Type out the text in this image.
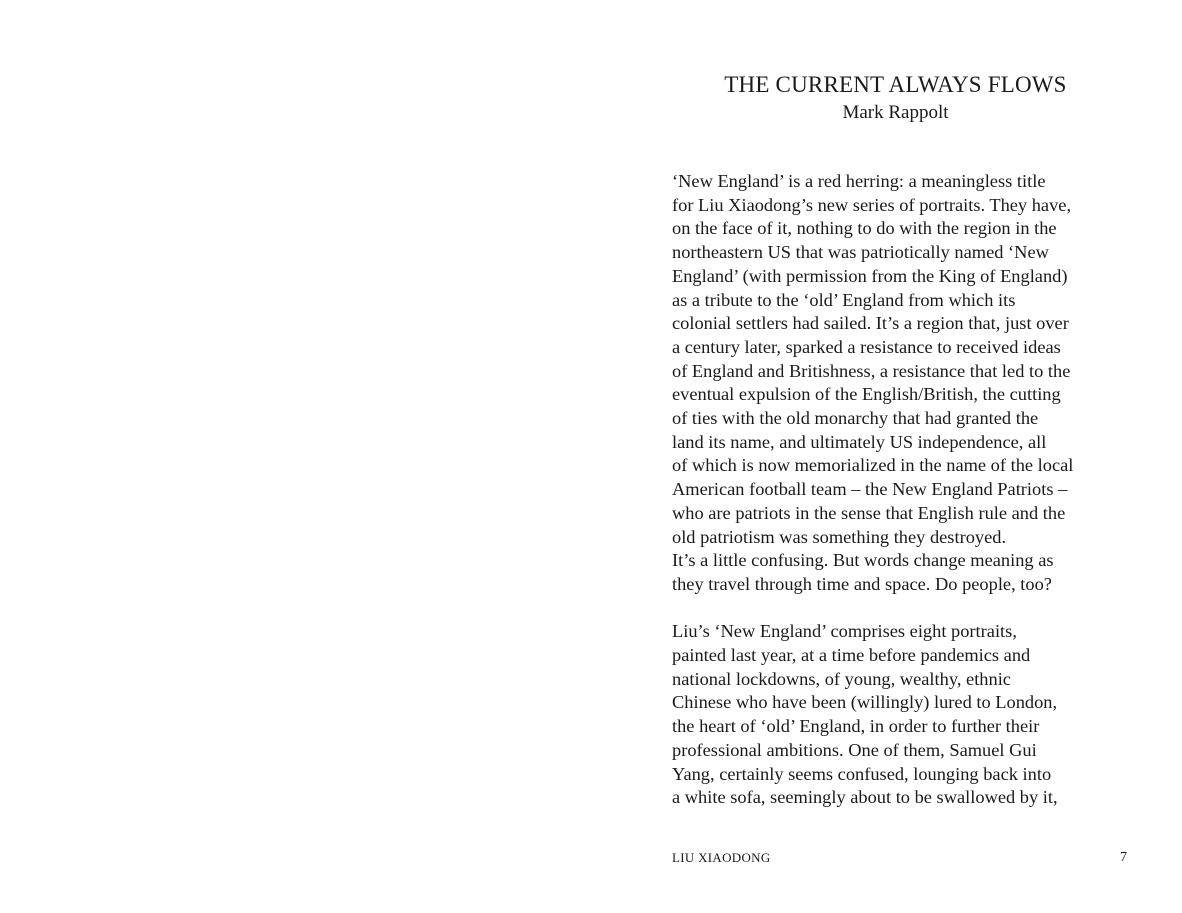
THE CURRENT ALWAYS FLOWS
Mark Rappolt
‘New England’ is a red herring: a meaningless title
for Liu Xiaodong’s new series of portraits. They have,
on the face of it, nothing to do with the region in the
northeastern US that was patriotically named ‘New
England’ (with permission from the King of England)
as a tribute to the ‘old’ England from which its
colonial settlers had sailed. It’s a region that, just over
a century later, sparked a resistance to received ideas
of England and Britishness, a resistance that led to the
eventual expulsion of the English/British, the cutting
of ties with the old monarchy that had granted the
land its name, and ultimately US independence, all
of which is now memorialized in the name of the local
American football team – the New England Patriots –
who are patriots in the sense that English rule and the
old patriotism was something they destroyed.
It’s a little confusing. But words change meaning as
they travel through time and space. Do people, too?
Liu’s ‘New England’ comprises eight portraits,
painted last year, at a time before pandemics and
national lockdowns, of young, wealthy, ethnic
Chinese who have been (willingly) lured to London,
the heart of ‘old’ England, in order to further their
professional ambitions. One of them, Samuel Gui
Yang, certainly seems confused, lounging back into
a white sofa, seemingly about to be swallowed by it,
LIU XIAODONG	7
